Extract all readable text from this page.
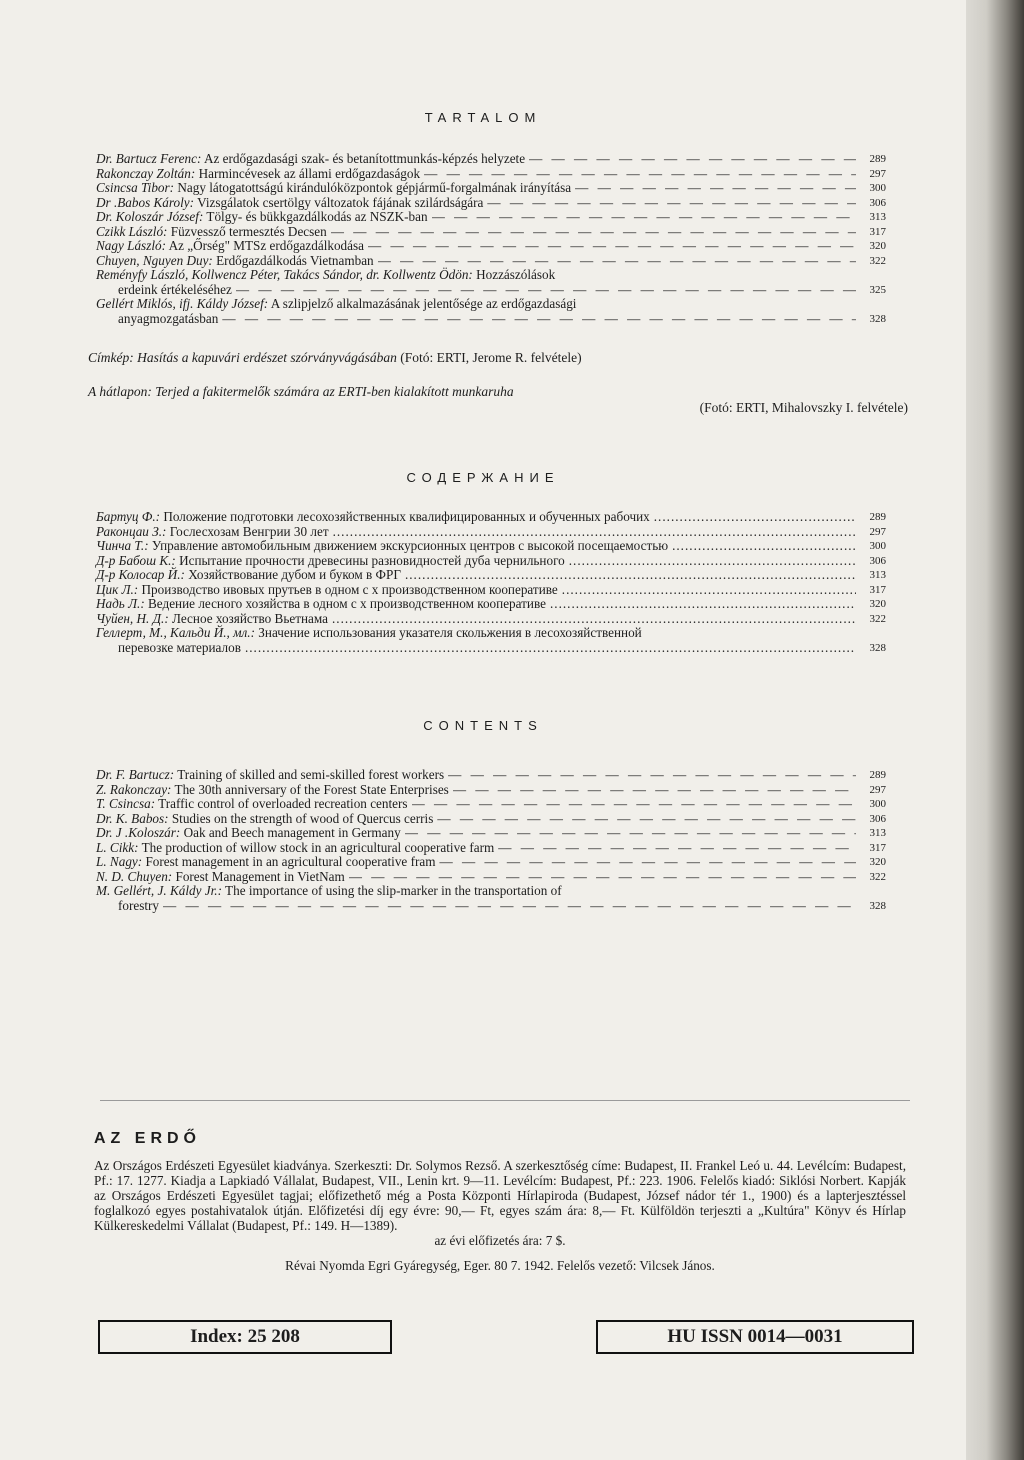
TARTALOM
Dr. Bartucz Ferenc: Az erdőgazdasági szak- és betanítottmunkás-képzés helyzete — — —	289
Rakonczay Zoltán: Harmincévesek az állami erdőgazdaságok — — —	297
Csincsa Tibor: Nagy látogatottságú kirándulóközpontok gépjármű-forgalmának irányítása — — —	300
Dr .Babos Károly: Vizsgálatok csertölgy változatok fájának szilárdságára — — —	306
Dr. Koloszár József: Tölgy- és bükkgazdálkodás az NSZK-ban — — —	313
Czikk László: Füzvessző termesztés Decsen — — —	317
Nagy László: Az „Őrség" MTSz erdőgazdálkodása — — —	320
Chuyen, Nguyen Duy: Erdőgazdálkodás Vietnamban — — —	322
Reményfy László, Kollwencz Péter, Takács Sándor, dr. Kollwentz Ödön: Hozzászólások
erdeink értékeléséhez — — —	325
Gellért Miklós, ifj. Káldy József: A szlipjelző alkalmazásának jelentősége az erdőgazdasági
anyagmozgatásban — — —	328
Címkép: Hasítás a kapuvári erdészet szórványvágásában (Fotó: ERTI, Jerome R. felvétele)
A hátlapon: Terjed a fakitermelők számára az ERTI-ben kialakított munkaruha
(Fotó: ERTI, Mihalovszky I. felvétele)
СОДЕРЖАНИЕ
Бартуц Ф.: Положение подготовки лесохозяйственных квалифицированных и обученных рабочих .....	289
Раконцаи З.: Гослесхозам Венгрии 30 лет .....	297
Чинча Т.: Управление автомобильным движением экскурсионных центров с высокой посещаемостью .....	300
Д-р Бабош К.: Испытание прочности древесины разновидностей дуба чернильного .....	306
Д-р Колосар Й.: Хозяйствование дубом и буком в ФРГ .....	313
Цик Л.: Производство ивовых прутьев в одном с х производственном кооперативе .....	317
Надь Л.: Ведение лесного хозяйства в одном с х производственном кооперативе .....	320
Чуйен, Н. Д.: Лесное хозяйство Вьетнама .....	322
Геллерт, М., Кальди Й., мл.: Значение использования указателя скольжения в лесохозяйственной
перевозке материалов .....	328
CONTENTS
Dr. F. Bartucz: Training of skilled and semi-skilled forest workers — — —	289
Z. Rakonczay: The 30th anniversary of the Forest State Enterprises — — —	297
T. Csincsa: Traffic control of overloaded recreation centers — — —	300
Dr. K. Babos: Studies on the strength of wood of Quercus cerris — — —	306
Dr. J .Koloszár: Oak and Beech management in Germany — — —	313
L. Cikk: The production of willow stock in an agricultural cooperative farm — — —	317
L. Nagy: Forest management in an agricultural cooperative fram — — —	320
N. D. Chuyen: Forest Management in VietNam — — —	322
M. Gellért, J. Káldy Jr.: The importance of using the slip-marker in the transportation of
forestry — — —	328
AZ ERDŐ
Az Országos Erdészeti Egyesület kiadványa. Szerkeszti: Dr. Solymos Rezső. A szerkesztőség címe: Budapest, II. Frankel Leó u. 44. Levélcím: Budapest, Pf.: 17. 1277. Kiadja a Lapkiadó Vállalat, Budapest, VII., Lenin krt. 9—11. Levélcím: Budapest, Pf.: 223. 1906. Felelős kiadó: Siklósi Norbert. Kapják az Országos Erdészeti Egyesület tagjai; előfizethető még a Posta Központi Hírlapiroda (Budapest, József nádor tér 1., 1900) és a lapterjesztéssel foglalkozó egyes postahivatalok útján. Előfizetési díj egy évre: 90,— Ft, egyes szám ára: 8,— Ft. Külföldön terjeszti a „Kultúra" Könyv és Hírlap Külkereskedelmi Vállalat (Budapest, Pf.: 149. H—1389).
az évi előfizetés ára: 7 $.
Révai Nyomda Egri Gyáregység, Eger. 80 7. 1942. Felelős vezető: Vilcsek János.
Index: 25 208	HU ISSN 0014—0031
